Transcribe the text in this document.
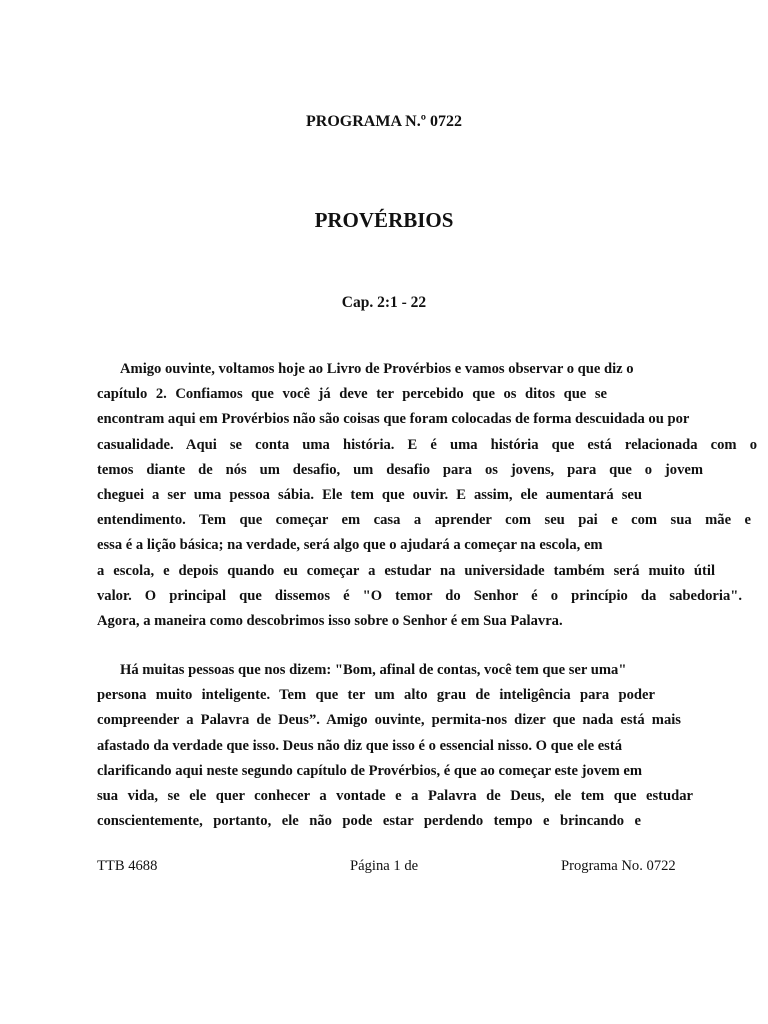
PROGRAMA N.º 0722
PROVÉRBIOS
Cap. 2:1 - 22
Amigo ouvinte, voltamos hoje ao Livro de Provérbios e vamos observar o que diz o
capítulo 2. Confiamos que você já deve ter percebido que os ditos que se
encontram aqui em Provérbios não são coisas que foram colocadas de forma descuidada ou por
casualidade. Aqui se conta uma história. E é uma história que está relacionada com o
temos diante de nós um desafio, um desafio para os jovens, para que o jovem
cheguei a ser uma pessoa sábia. Ele tem que ouvir. E assim, ele aumentará seu
entendimento. Tem que começar em casa a aprender com seu pai e com sua mãe e
essa é a lição básica; na verdade, será algo que o ajudará a começar na escola, em
a escola, e depois quando eu começar a estudar na universidade também será muito útil
valor. O principal que dissemos é "O temor do Senhor é o princípio da sabedoria".
Agora, a maneira como descobrimos isso sobre o Senhor é em Sua Palavra.
Há muitas pessoas que nos dizem: "Bom, afinal de contas, você tem que ser uma"
persona muito inteligente. Tem que ter um alto grau de inteligência para poder
compreender a Palavra de Deus”. Amigo ouvinte, permita-nos dizer que nada está mais
afastado da verdade que isso. Deus não diz que isso é o essencial nisso. O que ele está
clarificando aqui neste segundo capítulo de Provérbios, é que ao começar este jovem em
sua vida, se ele quer conhecer a vontade e a Palavra de Deus, ele tem que estudar
conscientemente, portanto, ele não pode estar perdendo tempo e brincando e
TTB 4688	Página 1 de	Programa No. 0722
